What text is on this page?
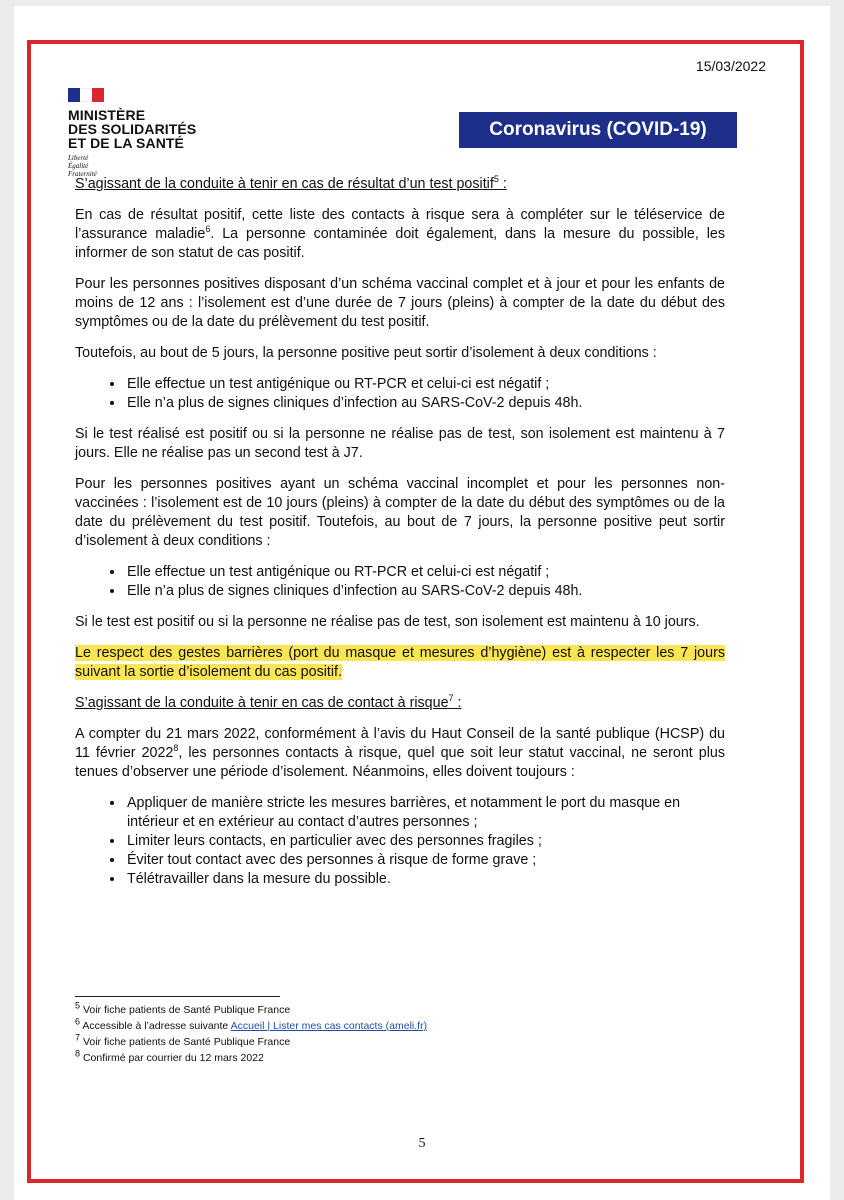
15/03/2022
MINISTÈRE
DES SOLIDARITÉS
ET DE LA SANTÉ
Liberté
Égalité
Fraternité
Coronavirus (COVID-19)

S’agissant de la conduite à tenir en cas de résultat d’un test positif$^5$ :

En cas de résultat positif, cette liste des contacts à risque sera à compléter sur le téléservice de l’assurance maladie$^6$. La personne contaminée doit également, dans la mesure du possible, les informer de son statut de cas positif.

Pour les personnes positives disposant d’un schéma vaccinal complet et à jour et pour les enfants de moins de 12 ans : l’isolement est d’une durée de 7 jours (pleins) à compter de la date du début des symptômes ou de la date du prélèvement du test positif.

Toutefois, au bout de 5 jours, la personne positive peut sortir d’isolement à deux conditions :

• Elle effectue un test antigénique ou RT-PCR et celui-ci est négatif ;
• Elle n’a plus de signes cliniques d’infection au SARS-CoV-2 depuis 48h.

Si le test réalisé est positif ou si la personne ne réalise pas de test, son isolement est maintenu à 7 jours. Elle ne réalise pas un second test à J7.

Pour les personnes positives ayant un schéma vaccinal incomplet et pour les personnes non-vaccinées : l’isolement est de 10 jours (pleins) à compter de la date du début des symptômes ou de la date du prélèvement du test positif. Toutefois, au bout de 7 jours, la personne positive peut sortir d’isolement à deux conditions :

• Elle effectue un test antigénique ou RT-PCR et celui-ci est négatif ;
• Elle n’a plus de signes cliniques d’infection au SARS-CoV-2 depuis 48h.

Si le test est positif ou si la personne ne réalise pas de test, son isolement est maintenu à 10 jours.

Le respect des gestes barrières (port du masque et mesures d’hygiène) est à respecter les 7 jours suivant la sortie d’isolement du cas positif.

S’agissant de la conduite à tenir en cas de contact à risque$^7$ :

A compter du 21 mars 2022, conformément à l’avis du Haut Conseil de la santé publique (HCSP) du 11 février 2022$^8$, les personnes contacts à risque, quel que soit leur statut vaccinal, ne seront plus tenues d’observer une période d’isolement. Néanmoins, elles doivent toujours :

• Appliquer de manière stricte les mesures barrières, et notamment le port du masque en intérieur et en extérieur au contact d’autres personnes ;
• Limiter leurs contacts, en particulier avec des personnes fragiles ;
• Éviter tout contact avec des personnes à risque de forme grave ;
• Télétravailler dans la mesure du possible.
$^5$ Voir fiche patients de Santé Publique France
$^6$ Accessible à l’adresse suivante Accueil | Lister mes cas contacts (ameli.fr)
$^7$ Voir fiche patients de Santé Publique France
$^8$ Confirmé par courrier du 12 mars 2022
5
